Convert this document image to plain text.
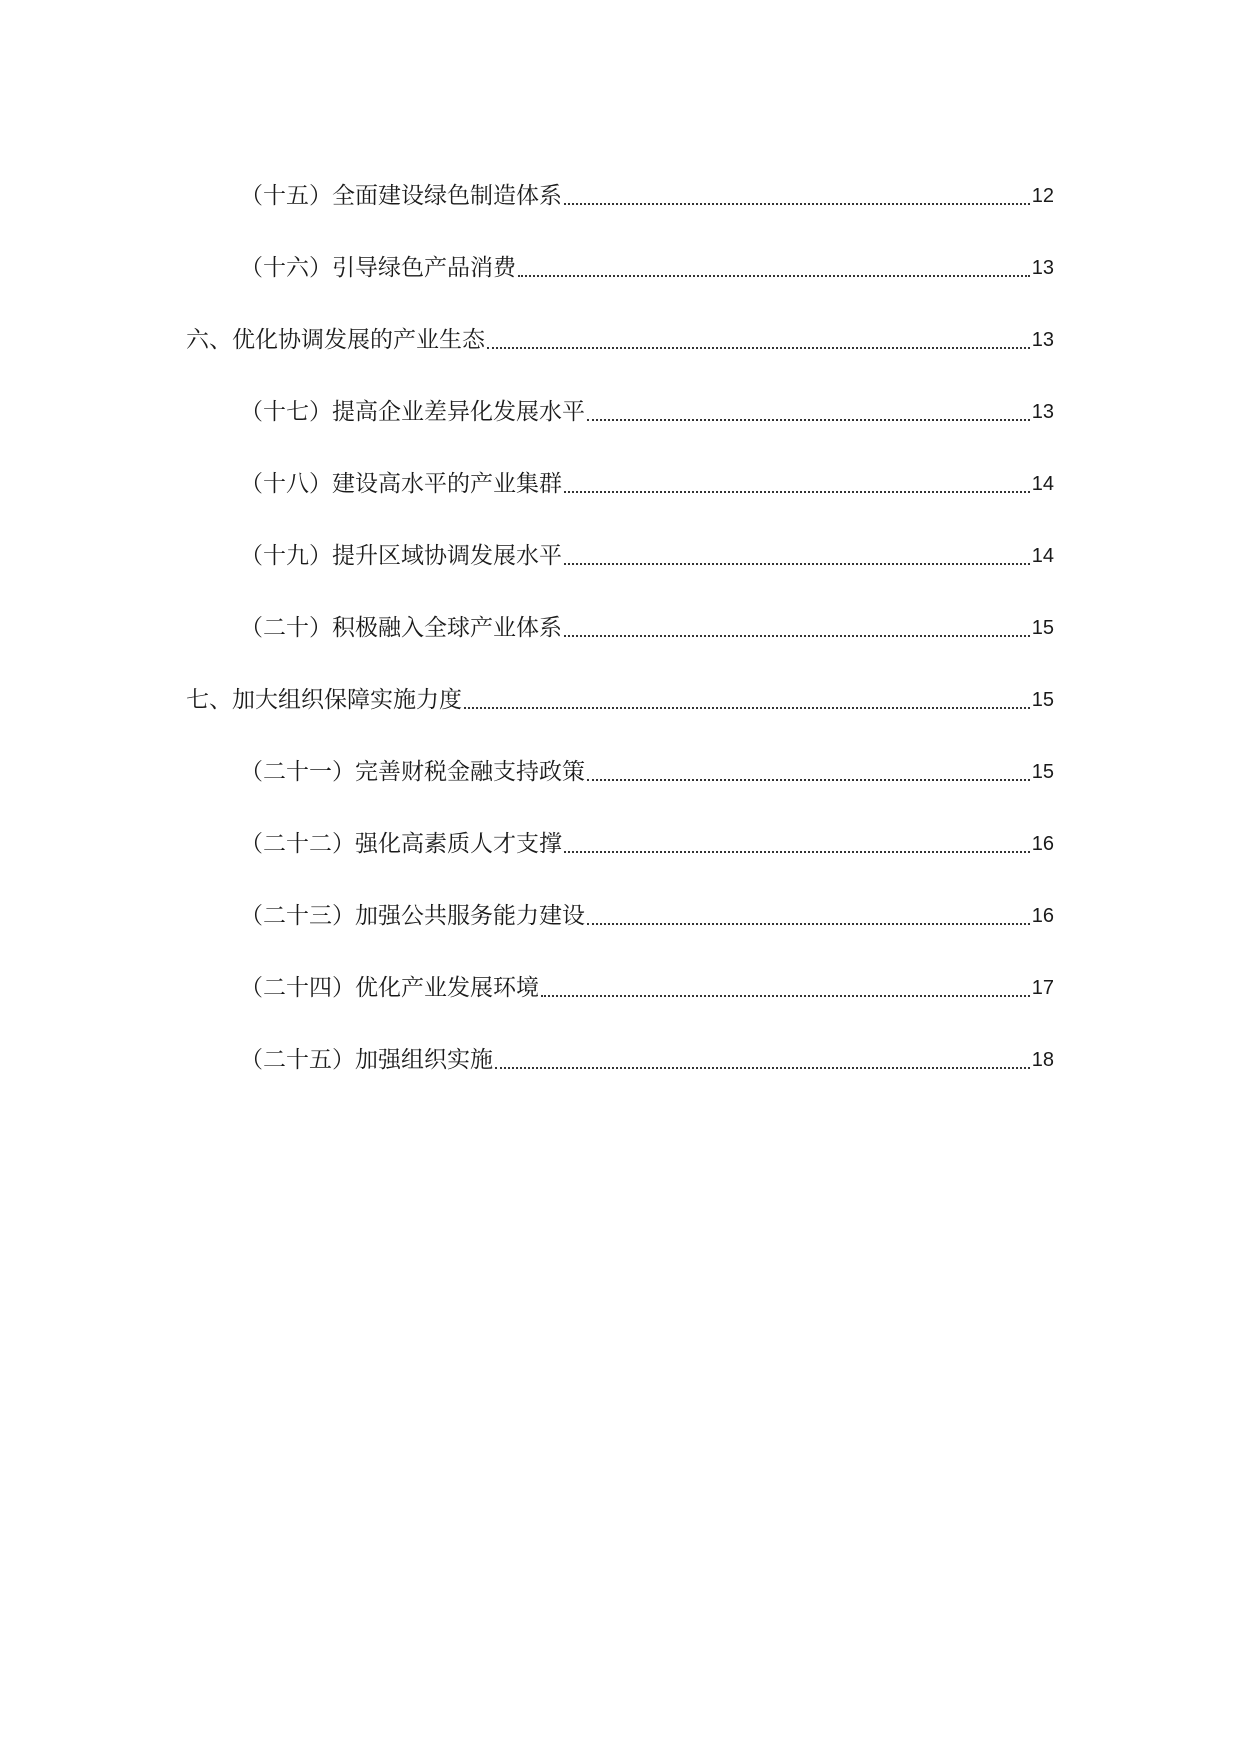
（十五）全面建设绿色制造体系	12
（十六）引导绿色产品消费	13
六、优化协调发展的产业生态	13
（十七）提高企业差异化发展水平	13
（十八）建设高水平的产业集群	14
（十九）提升区域协调发展水平	14
（二十）积极融入全球产业体系	15
七、加大组织保障实施力度	15
（二十一）完善财税金融支持政策	15
（二十二）强化高素质人才支撑	16
（二十三）加强公共服务能力建设	16
（二十四）优化产业发展环境	17
（二十五）加强组织实施	18
